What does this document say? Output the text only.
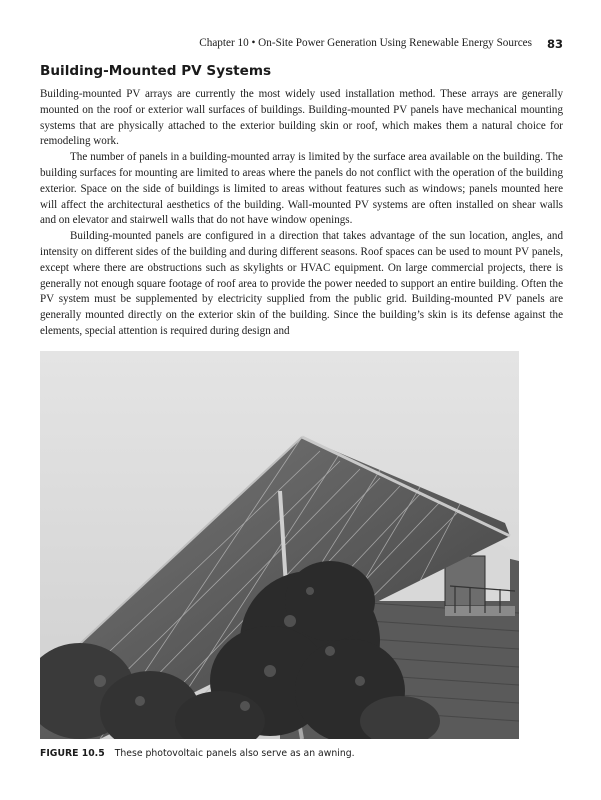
Chapter 10 • On-Site Power Generation Using Renewable Energy Sources 83
Building-Mounted PV Systems

Building-mounted PV arrays are currently the most widely used installation method. These arrays are generally mounted on the roof or exterior wall surfaces of buildings. Building-mounted PV panels have mechanical mounting systems that are physically attached to the exterior building skin or roof, which makes them a natural choice for remodeling work.

The number of panels in a building-mounted array is limited by the surface area available on the building. The building surfaces for mounting are limited to areas where the panels do not conflict with the operation of the building exterior. Space on the side of buildings is limited to areas without features such as windows; panels mounted here will affect the architectural aesthetics of the building. Wall-mounted PV systems are often installed on shear walls and on elevator and stairwell walls that do not have window openings.

Building-mounted panels are configured in a direction that takes advantage of the sun location, angles, and intensity on different sides of the building and during different seasons. Roof spaces can be used to mount PV panels, except where there are obstructions such as skylights or HVAC equipment. On large commercial projects, there is generally not enough square footage of roof area to provide the power needed to support an entire building. Often the PV system must be supplemented by electricity supplied from the public grid. Building-mounted PV panels are generally mounted directly on the exterior skin of the building. Since the building’s skin is its defense against the elements, special attention is required during design and

FIGURE 10.5 These photovoltaic panels also serve as an awning.
